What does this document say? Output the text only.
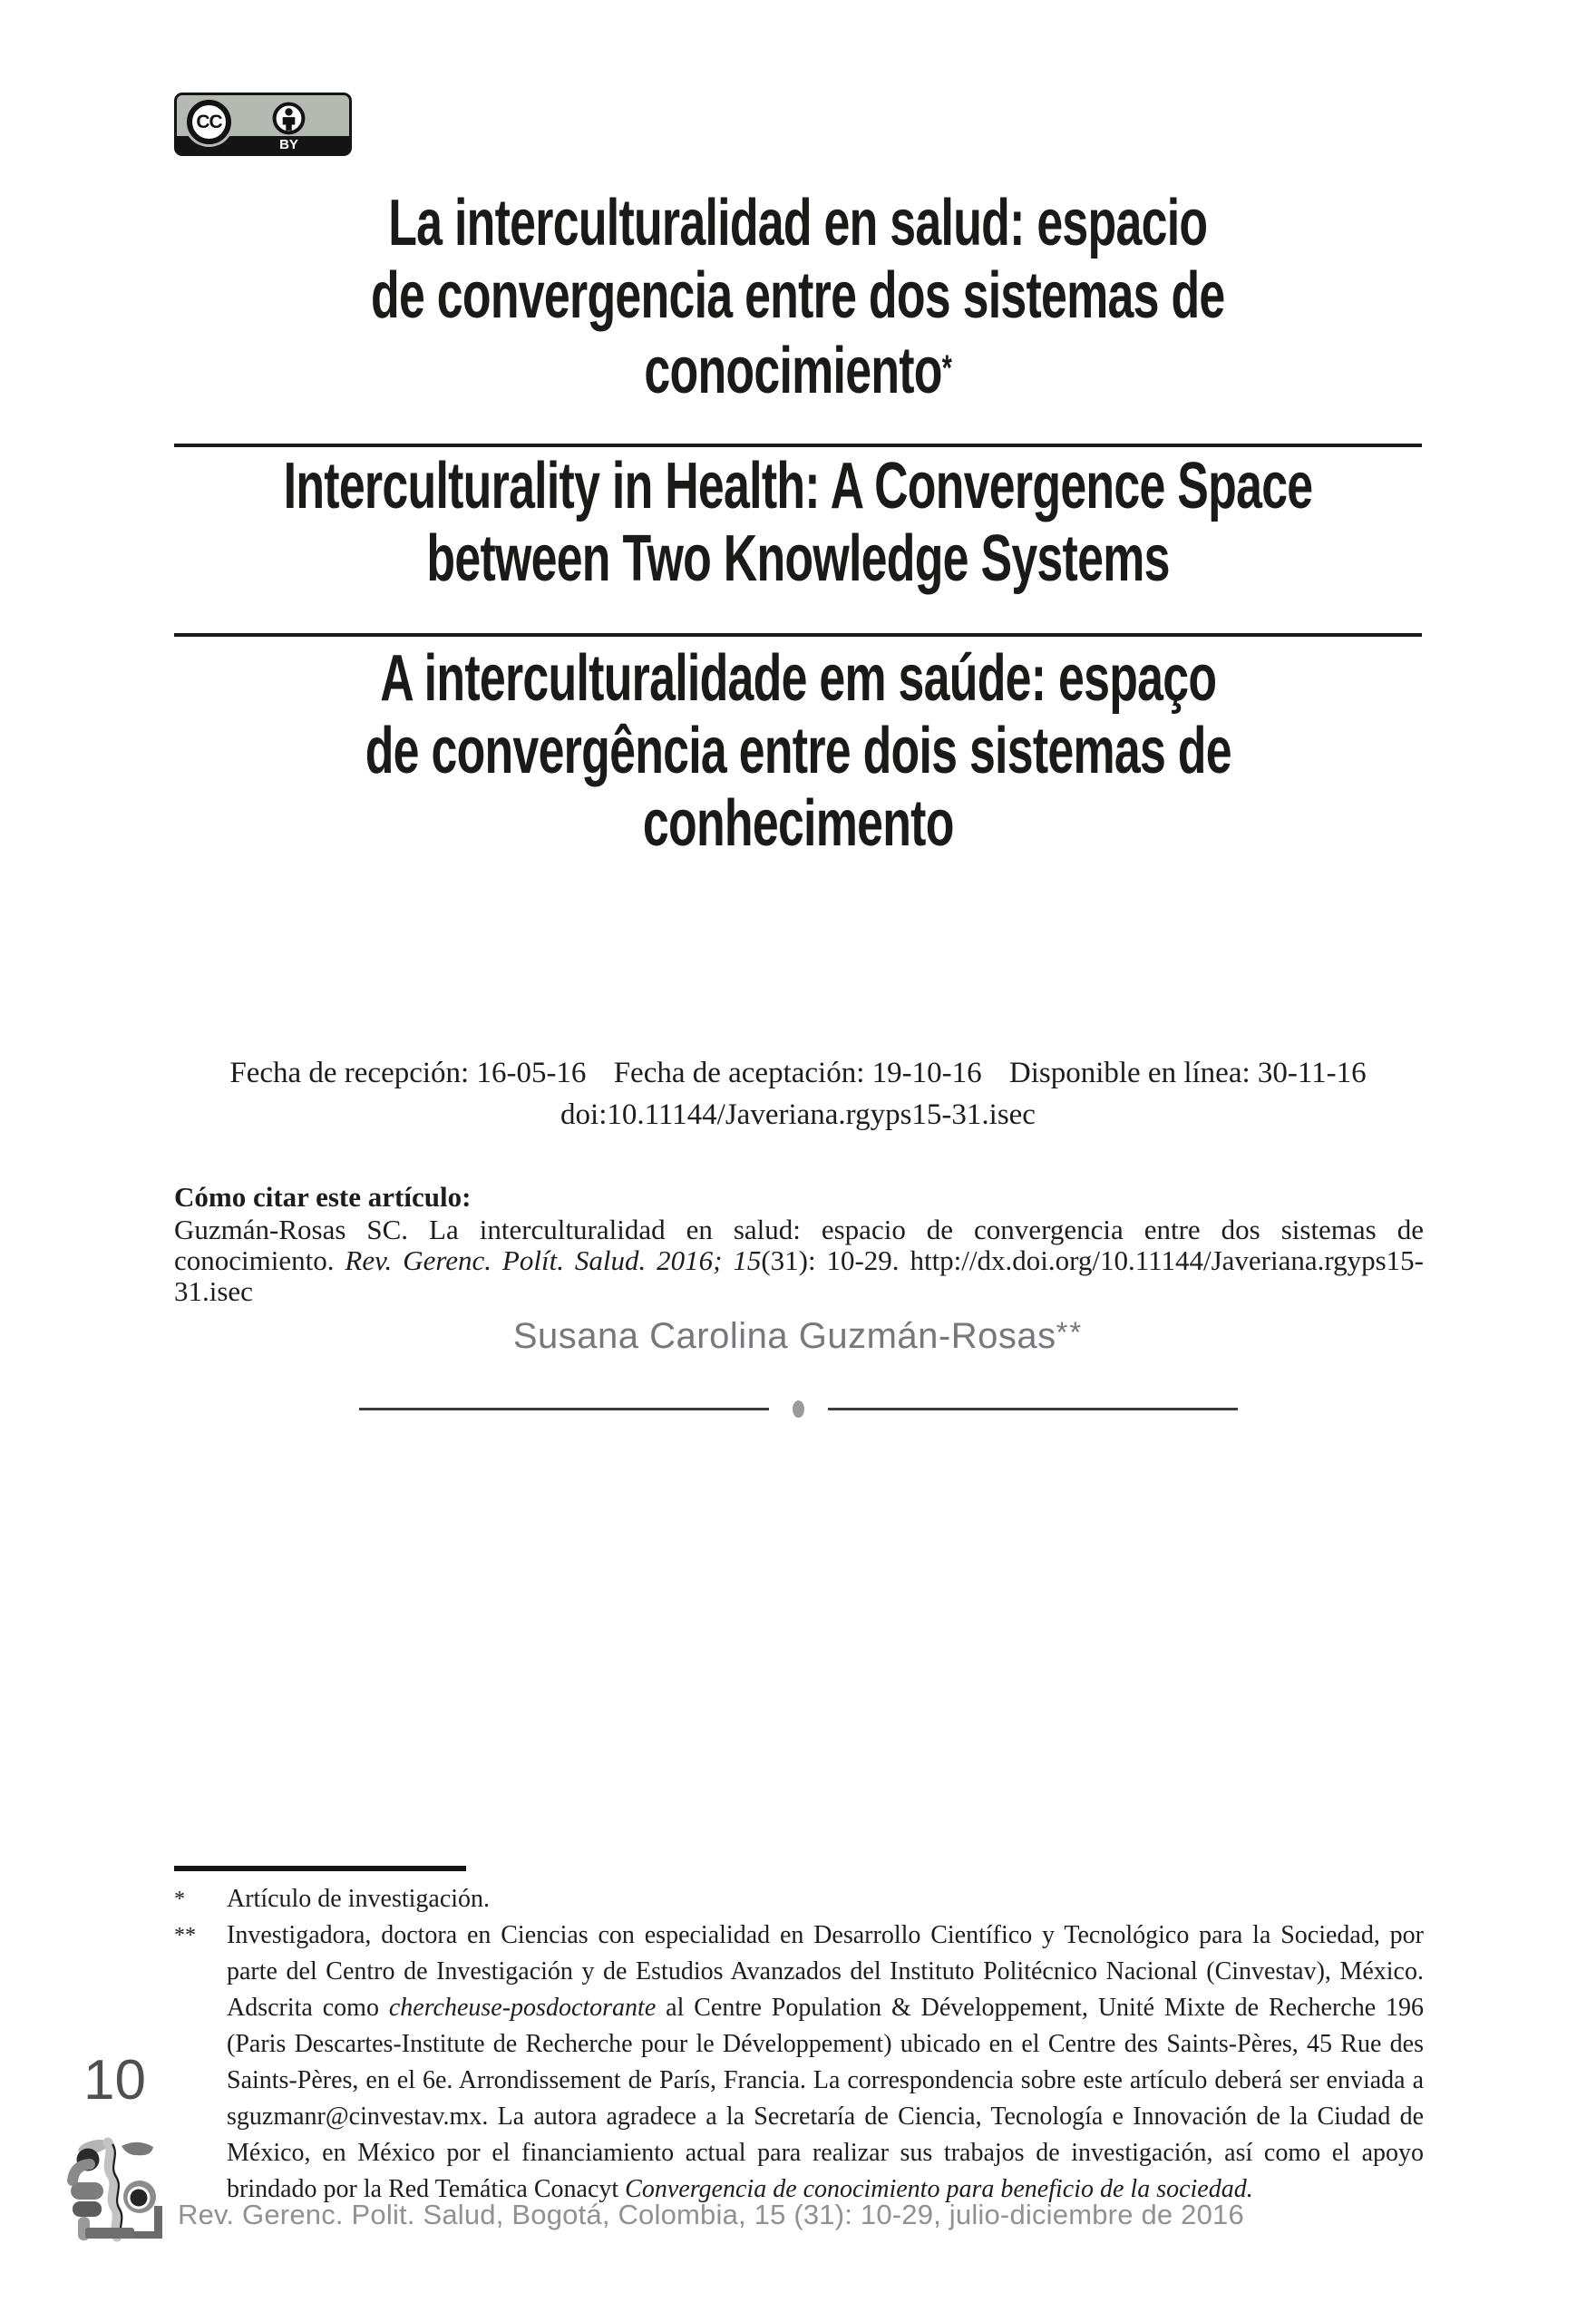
CC
BY
La interculturalidad en salud: espacio
de convergencia entre dos sistemas de
conocimiento*
Interculturality in Health: A Convergence Space
between Two Knowledge Systems
A interculturalidade em saúde: espaço
de convergência entre dois sistemas de
conhecimento
Fecha de recepción: 16-05-16 Fecha de aceptación: 19-10-16 Disponible en línea: 30-11-16
doi:10.11144/Javeriana.rgyps15-31.isec
Cómo citar este artículo:
Guzmán-Rosas SC. La interculturalidad en salud: espacio de convergencia entre dos sistemas de conocimiento. Rev. Gerenc. Polít. Salud. 2016; 15(31): 10-29. http://dx.doi.org/10.11144/Javeriana.rgyps15-31.isec
Susana Carolina Guzmán-Rosas**
*	Artículo de investigación.
**	Investigadora, doctora en Ciencias con especialidad en Desarrollo Científico y Tecnológico para la Sociedad, por parte del Centro de Investigación y de Estudios Avanzados del Instituto Politécnico Nacional (Cinvestav), México. Adscrita como chercheuse-posdoctorante al Centre Population & Développement, Unité Mixte de Recherche 196 (Paris Descartes-Institute de Recherche pour le Développement) ubicado en el Centre des Saints-Pères, 45 Rue des Saints-Pères, en el 6e. Arrondissement de París, Francia. La correspondencia sobre este artículo deberá ser enviada a sguzmanr@cinvestav.mx. La autora agradece a la Secretaría de Ciencia, Tecnología e Innovación de la Ciudad de México, en México por el financiamiento actual para realizar sus trabajos de investigación, así como el apoyo brindado por la Red Temática Conacyt Convergencia de conocimiento para beneficio de la sociedad.
10
Rev. Gerenc. Polit. Salud, Bogotá, Colombia, 15 (31): 10-29, julio-diciembre de 2016
